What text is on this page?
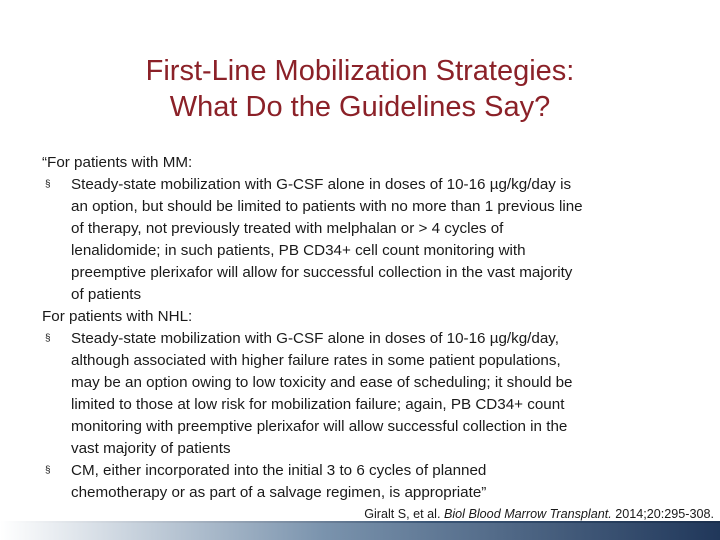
First-Line Mobilization Strategies:
What Do the Guidelines Say?
“For patients with MM:
§ Steady-state mobilization with G-CSF alone in doses of 10-16 µg/kg/day is
an option, but should be limited to patients with no more than 1 previous line
of therapy, not previously treated with melphalan or > 4 cycles of
lenalidomide; in such patients, PB CD34+ cell count monitoring with
preemptive plerixafor will allow for successful collection in the vast majority
of patients
For patients with NHL:
§ Steady-state mobilization with G-CSF alone in doses of 10-16 µg/kg/day,
although associated with higher failure rates in some patient populations,
may be an option owing to low toxicity and ease of scheduling; it should be
limited to those at low risk for mobilization failure; again, PB CD34+ count
monitoring with preemptive plerixafor will allow successful collection in the
vast majority of patients
§ CM, either incorporated into the initial 3 to 6 cycles of planned
chemotherapy or as part of a salvage regimen, is appropriate”
Giralt S, et al. Biol Blood Marrow Transplant. 2014;20:295-308.
